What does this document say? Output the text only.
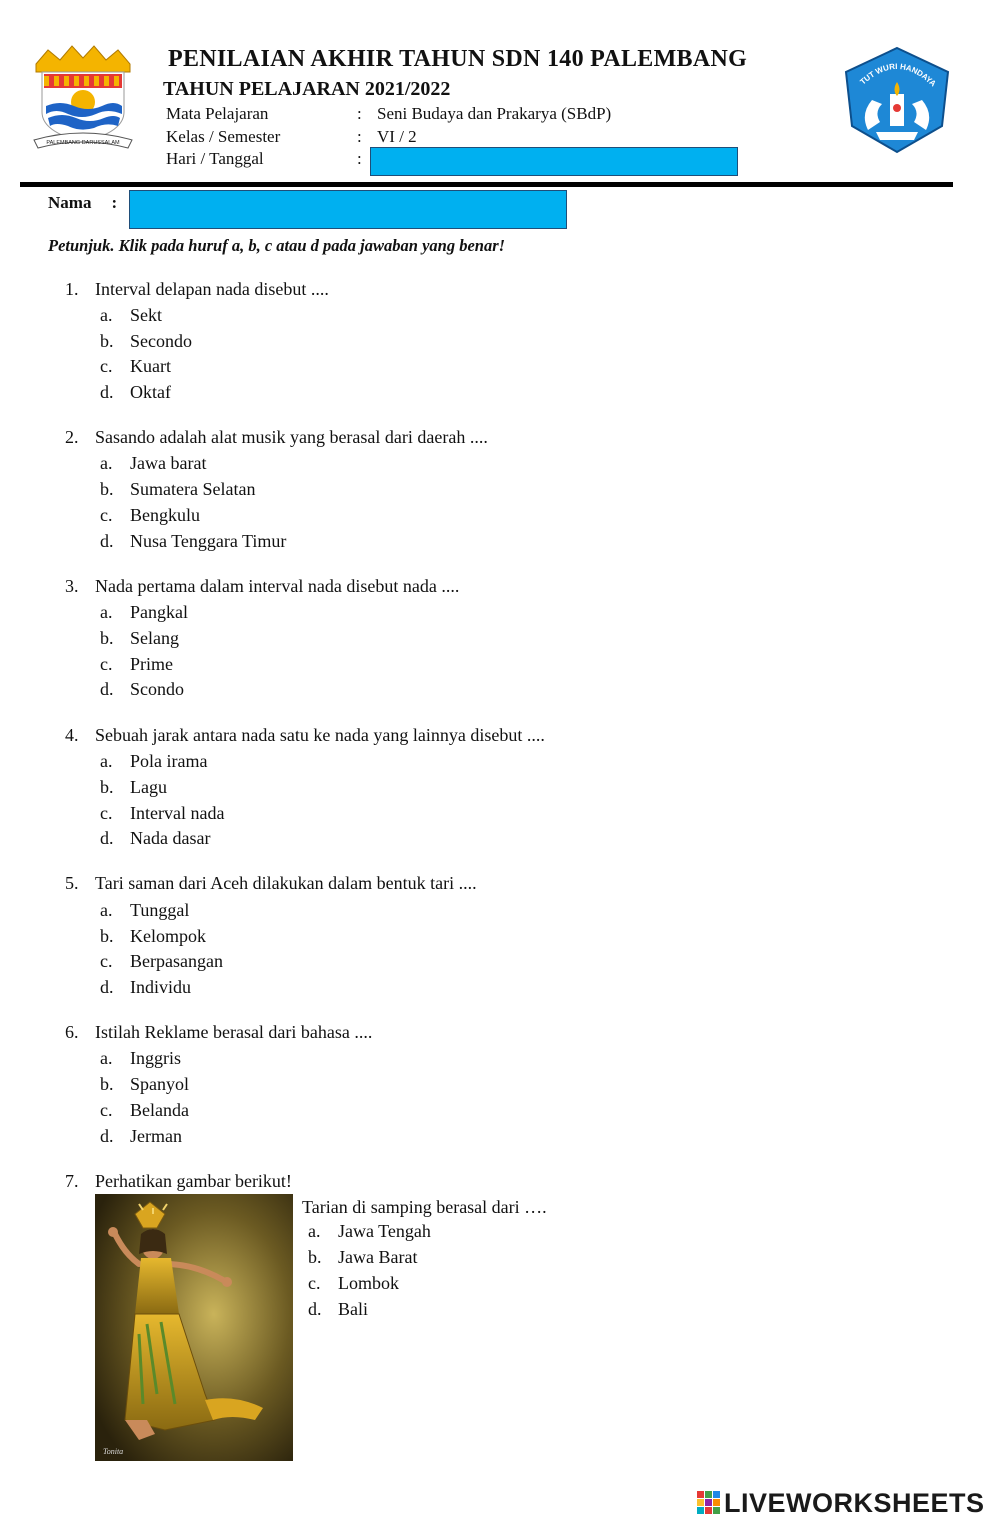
PALEMBANG DARUSSALAM
PENILAIAN AKHIR TAHUN SDN 140 PALEMBANG
TAHUN PELAJARAN 2021/2022
Mata Pelajaran	: Seni Budaya dan Prakarya (SBdP)
Kelas / Semester	: VI / 2
Hari / Tanggal	:
TUT WURI HANDAYA
Nama :
Petunjuk. Klik pada huruf a, b, c atau d pada jawaban yang benar!
1. Interval delapan nada disebut ....
a. Sekt
b. Secondo
c. Kuart
d. Oktaf
2. Sasando adalah alat musik yang berasal dari daerah ....
a. Jawa barat
b. Sumatera Selatan
c. Bengkulu
d. Nusa Tenggara Timur
3. Nada pertama dalam interval nada disebut nada ....
a. Pangkal
b. Selang
c. Prime
d. Scondo
4. Sebuah jarak antara nada satu ke nada yang lainnya disebut ....
a. Pola irama
b. Lagu
c. Interval nada
d. Nada dasar
5. Tari saman dari Aceh dilakukan dalam bentuk tari ....
a. Tunggal
b. Kelompok
c. Berpasangan
d. Individu
6. Istilah Reklame berasal dari bahasa ....
a. Inggris
b. Spanyol
c. Belanda
d. Jerman
7. Perhatikan gambar berikut!
Tonita
Tarian di samping berasal dari ….
a. Jawa Tengah
b. Jawa Barat
c. Lombok
d. Bali
LIVEWORKSHEETS
